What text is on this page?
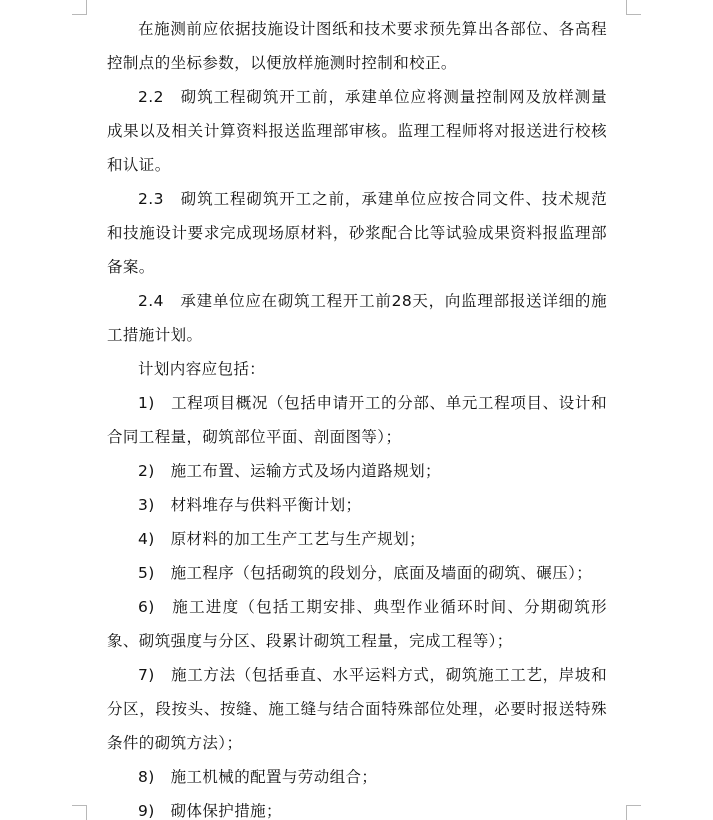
在施测前应依据技施设计图纸和技术要求预先算出各部位、各高程控制点的坐标参数，以便放样施测时控制和校正。

2.2　砌筑工程砌筑开工前，承建单位应将测量控制网及放样测量成果以及相关计算资料报送监理部审核。监理工程师将对报送进行校核和认证。

2.3　砌筑工程砌筑开工之前，承建单位应按合同文件、技术规范和技施设计要求完成现场原材料，砂浆配合比等试验成果资料报监理部备案。

2.4　承建单位应在砌筑工程开工前28天，向监理部报送详细的施工措施计划。

计划内容应包括：

1)　工程项目概况（包括申请开工的分部、单元工程项目、设计和合同工程量，砌筑部位平面、剖面图等）；

2)　施工布置、运输方式及场内道路规划；

3)　材料堆存与供料平衡计划；

4)　原材料的加工生产工艺与生产规划；

5)　施工程序（包括砌筑的段划分，底面及墙面的砌筑、碾压）；

6)　施工进度（包括工期安排、典型作业循环时间、分期砌筑形象、砌筑强度与分区、段累计砌筑工程量，完成工程等）；

7)　施工方法（包括垂直、水平运料方式，砌筑施工工艺，岸坡和分区，段按头、按缝、施工缝与结合面特殊部位处理，必要时报送特殊条件的砌筑方法）；

8)　施工机械的配置与劳动组合；

9)　砌体保护措施；
